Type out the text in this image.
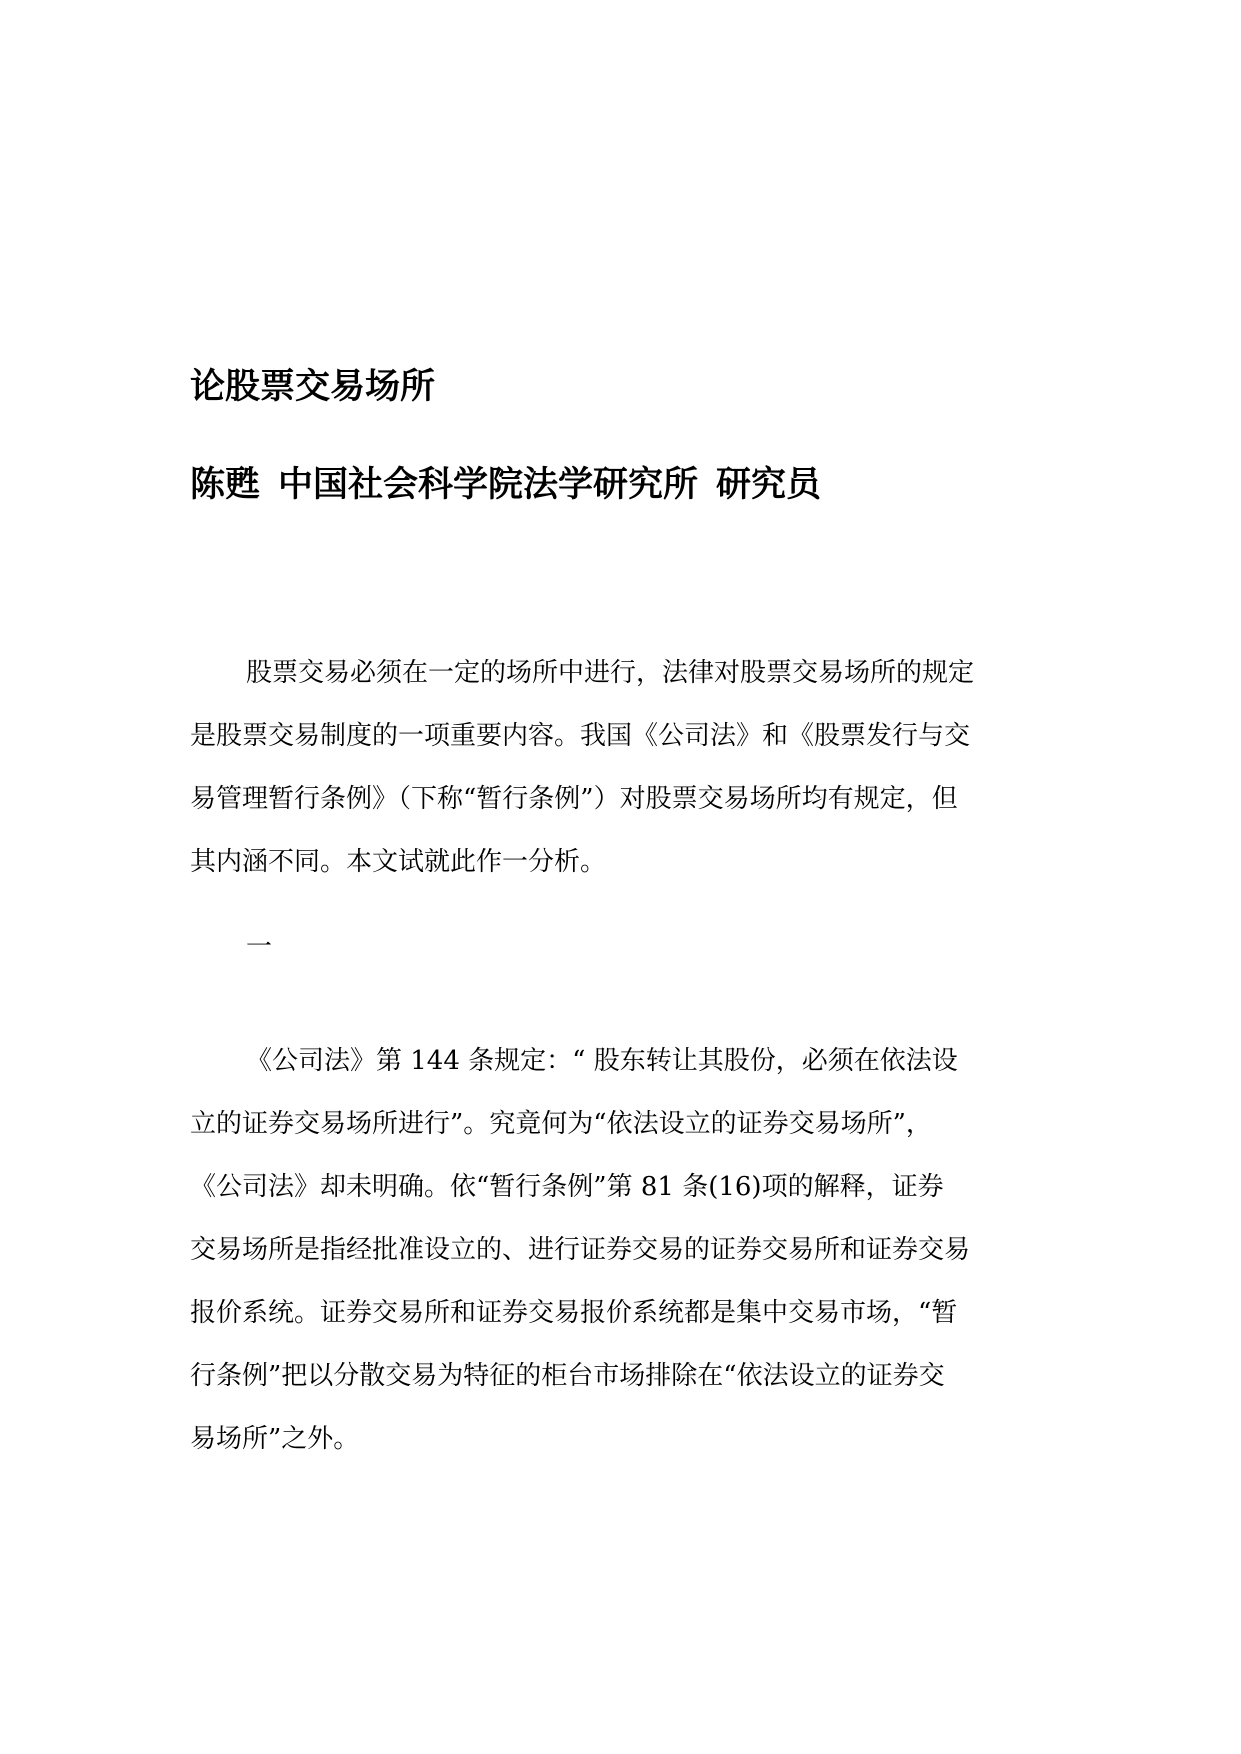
论股票交易场所
陈甦 中国社会科学院法学研究所 研究员

股票交易必须在一定的场所中进行，法律对股票交易场所的规定
是股票交易制度的一项重要内容。我国《公司法》和《股票发行与交
易管理暂行条例》（下称“暂行条例”）对股票交易场所均有规定，但
其内涵不同。本文试就此作一分析。

一

《公司法》第 144 条规定：“ 股东转让其股份，必须在依法设
立的证券交易场所进行”。究竟何为“依法设立的证券交易场所”，
《公司法》却未明确。依“暂行条例”第 81 条(16)项的解释，证券
交易场所是指经批准设立的、进行证券交易的证券交易所和证券交易
报价系统。证券交易所和证券交易报价系统都是集中交易市场，“暂
行条例”把以分散交易为特征的柜台市场排除在“依法设立的证券交
易场所”之外。
